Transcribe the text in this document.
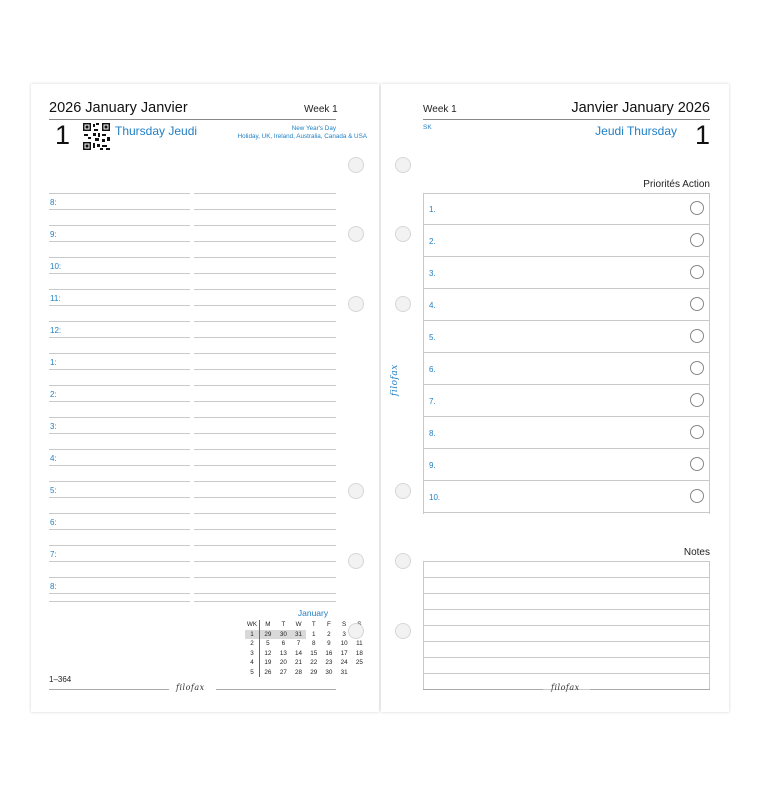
2026 January Janvier	Week 1
1	Thursday Jeudi	New Year's Day
Holiday, UK, Ireland, Australia, Canada & USA
8:
9:
10:
11:
12:
1:
2:
3:
4:
5:
6:
7:
8:
January
WK	M	T	W	T	F	S	
1	29	30	31	1	2	3	
2	5	6	7	8	9	10	11
3	12	13	14	15	16	17	18
4	19	20	21	22	23	24	25
5	26	27	28	29	30	31	
1–364
filofax
Week 1	Janvier January 2026
SK	Jeudi Thursday 1
Priorités Action
1.
2.
3.
4.
5.
6.
7.
8.
9.
10.
Notes
filofax
filofax
